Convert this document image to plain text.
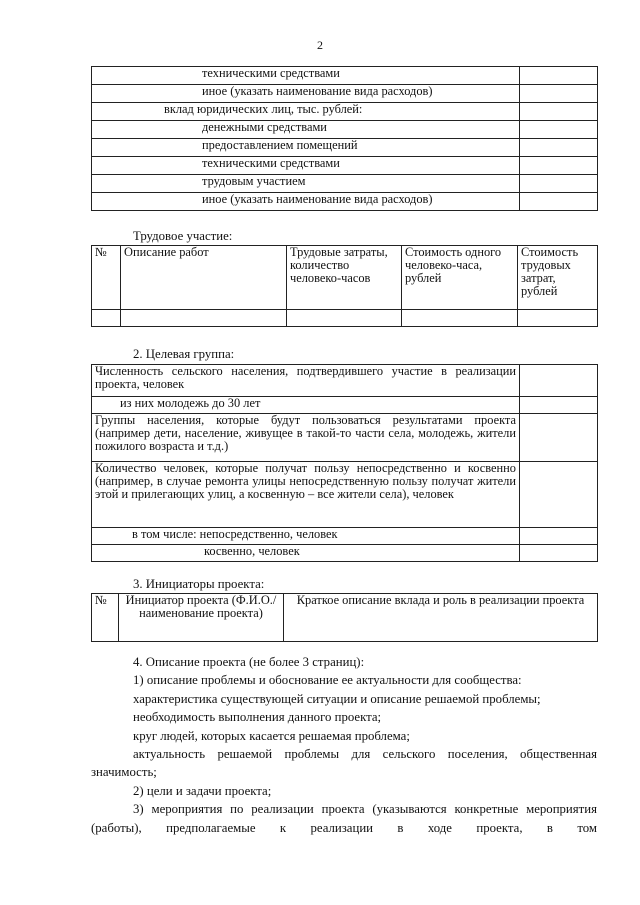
2
техническими средствами	
иное (указать наименование вида расходов)	
вклад юридических лиц, тыс. рублей:	
денежными средствами	
предоставлением помещений	
техническими средствами	
трудовым участием	
иное (указать наименование вида расходов)	
Трудовое участие:
№	Описание работ	Трудовые затраты, количество человеко-часов	Стоимость одного человеко-часа, рублей	Стоимость трудовых затрат, рублей

2. Целевая группа:
Численность сельского населения, подтвердившего участие в реализации проекта, человек	
из них молодежь до 30 лет	
Группы населения, которые будут пользоваться результатами проекта (например дети, население, живущее в такой-то части села, молодежь, жители пожилого возраста и т.д.)	
Количество человек, которые получат пользу непосредственно и косвенно (например, в случае ремонта улицы непосредственную пользу получат жители этой и прилегающих улиц, а косвенную – все жители села), человек	
в том числе: непосредственно, человек	
косвенно, человек	
3. Инициаторы проекта:
№	Инициатор проекта (Ф.И.О./наименование проекта)	Краткое описание вклада и роль в реализации проекта

4. Описание проекта (не более 3 страниц):

1) описание проблемы и обоснование ее актуальности для сообщества:

характеристика существующей ситуации и описание решаемой проблемы;

необходимость выполнения данного проекта;

круг людей, которых касается решаемая проблема;

актуальность решаемой проблемы для сельского поселения, общественная значимость;

2) цели и задачи проекта;

3) мероприятия по реализации проекта (указываются конкретные мероприятия (работы), предполагаемые к реализации в ходе проекта, в том
